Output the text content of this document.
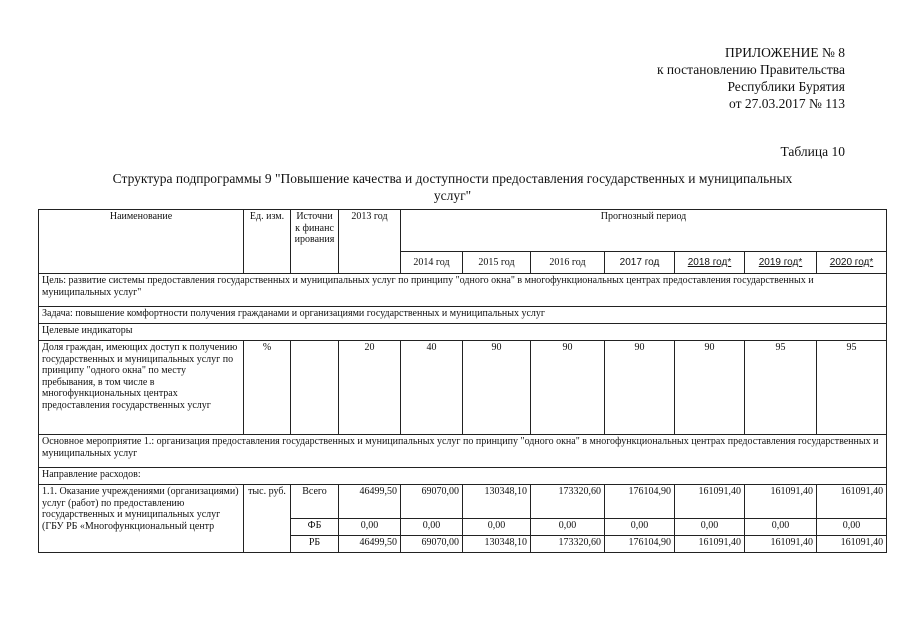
ПРИЛОЖЕНИЕ № 8
к постановлению Правительства
Республики Бурятия
от 27.03.2017 № 113
Таблица 10
Структура подпрограммы 9 "Повышение качества и доступности предоставления государственных и муниципальных
услуг"
Наименование	Ед. изм.	Источник финансирования	2013 год	Прогнозный период						
				2014 год	2015 год	2016 год	2017 год	2018 год*	2019 год*	2020 год*
Цель: развитие системы предоставления государственных и муниципальных услуг по принципу "одного окна" в многофункциональных центрах предоставления государственных и муниципальных услуг"										
Задача: повышение комфортности получения гражданами и организациями государственных и муниципальных услуг										
Целевые индикаторы										
Доля граждан, имеющих доступ к получению государственных и муниципальных услуг по принципу "одного окна" по месту пребывания, в том числе в многофункциональных центрах предоставления государственных услуг	%		20	40	90	90	90	90	95	95
Основное мероприятие 1.: организация предоставления государственных и муниципальных услуг по принципу "одного окна" в многофункциональных центрах предоставления государственных и муниципальных услуг										
Направление расходов:										
1.1. Оказание учреждениями (организациями) услуг (работ) по предоставлению государственных и муниципальных услуг (ГБУ РБ «Многофункциональный центр	тыс. руб.	Всего	46499,50	69070,00	130348,10	173320,60	176104,90	161091,40	161091,40	161091,40
		ФБ	0,00	0,00	0,00	0,00	0,00	0,00	0,00	0,00
		РБ	46499,50	69070,00	130348,10	173320,60	176104,90	161091,40	161091,40	161091,40
